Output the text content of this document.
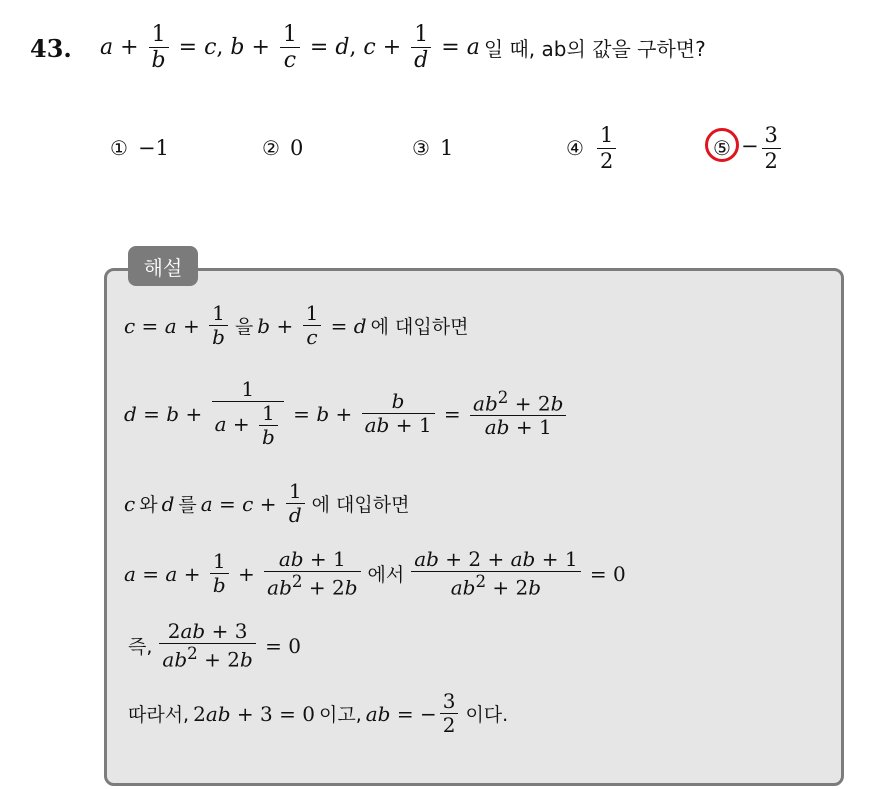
43. $a + \frac{1}{b} = c$ , $b + \frac{1}{c} = d$ , $c + \frac{1}{d} = a$ 일 때, ab의 값을 구하면?
① −1	② 0	③ 1	④ $\frac{1}{2}$	⑤ − $\frac{3}{2}$
해설
$c = a + \frac{1}{b}$ 을 $b + \frac{1}{c} = d$ 에 대입하면
$d = b + \frac{1}{a + \frac{1}{b}} = b + \frac{b}{ab + 1} = \frac{ab^2 + 2b}{ab + 1}$
c 와 d 를 $a = c + \frac{1}{d}$ 에 대입하면
$a = a + \frac{1}{b} + \frac{ab + 1}{ab^2 + 2b}$ 에서 $\frac{ab + 2 + ab + 1}{ab^2 + 2b} = 0$
즉, $\frac{2ab + 3}{ab^2 + 2b} = 0$
따라서, 2 ab + 3 = 0 이고, ab = − $\frac{3}{2}$ 이다.
